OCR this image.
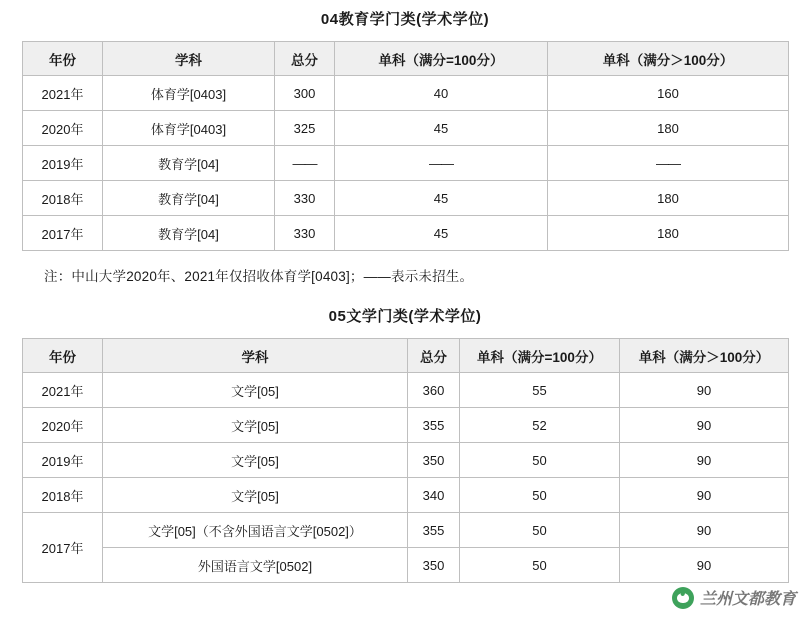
04教育学门类(学术学位)
年份	学科	总分	单科（满分=100分）	单科（满分＞100分）
2021年	体育学[0403]	300	40	160
2020年	体育学[0403]	325	45	180
2019年	教育学[04]	——	——	——
2018年	教育学[04]	330	45	180
2017年	教育学[04]	330	45	180
注：中山大学2020年、2021年仅招收体育学[0403]；——表示未招生。
05文学门类(学术学位)
年份	学科	总分	单科（满分=100分）	单科（满分＞100分）
2021年	文学[05]	360	55	90
2020年	文学[05]	355	52	90
2019年	文学[05]	350	50	90
2018年	文学[05]	340	50	90
2017年	文学[05]（不含外国语言文学[0502]）	355	50	90
	外国语言文学[0502]	350	50	90
兰州文都教育
